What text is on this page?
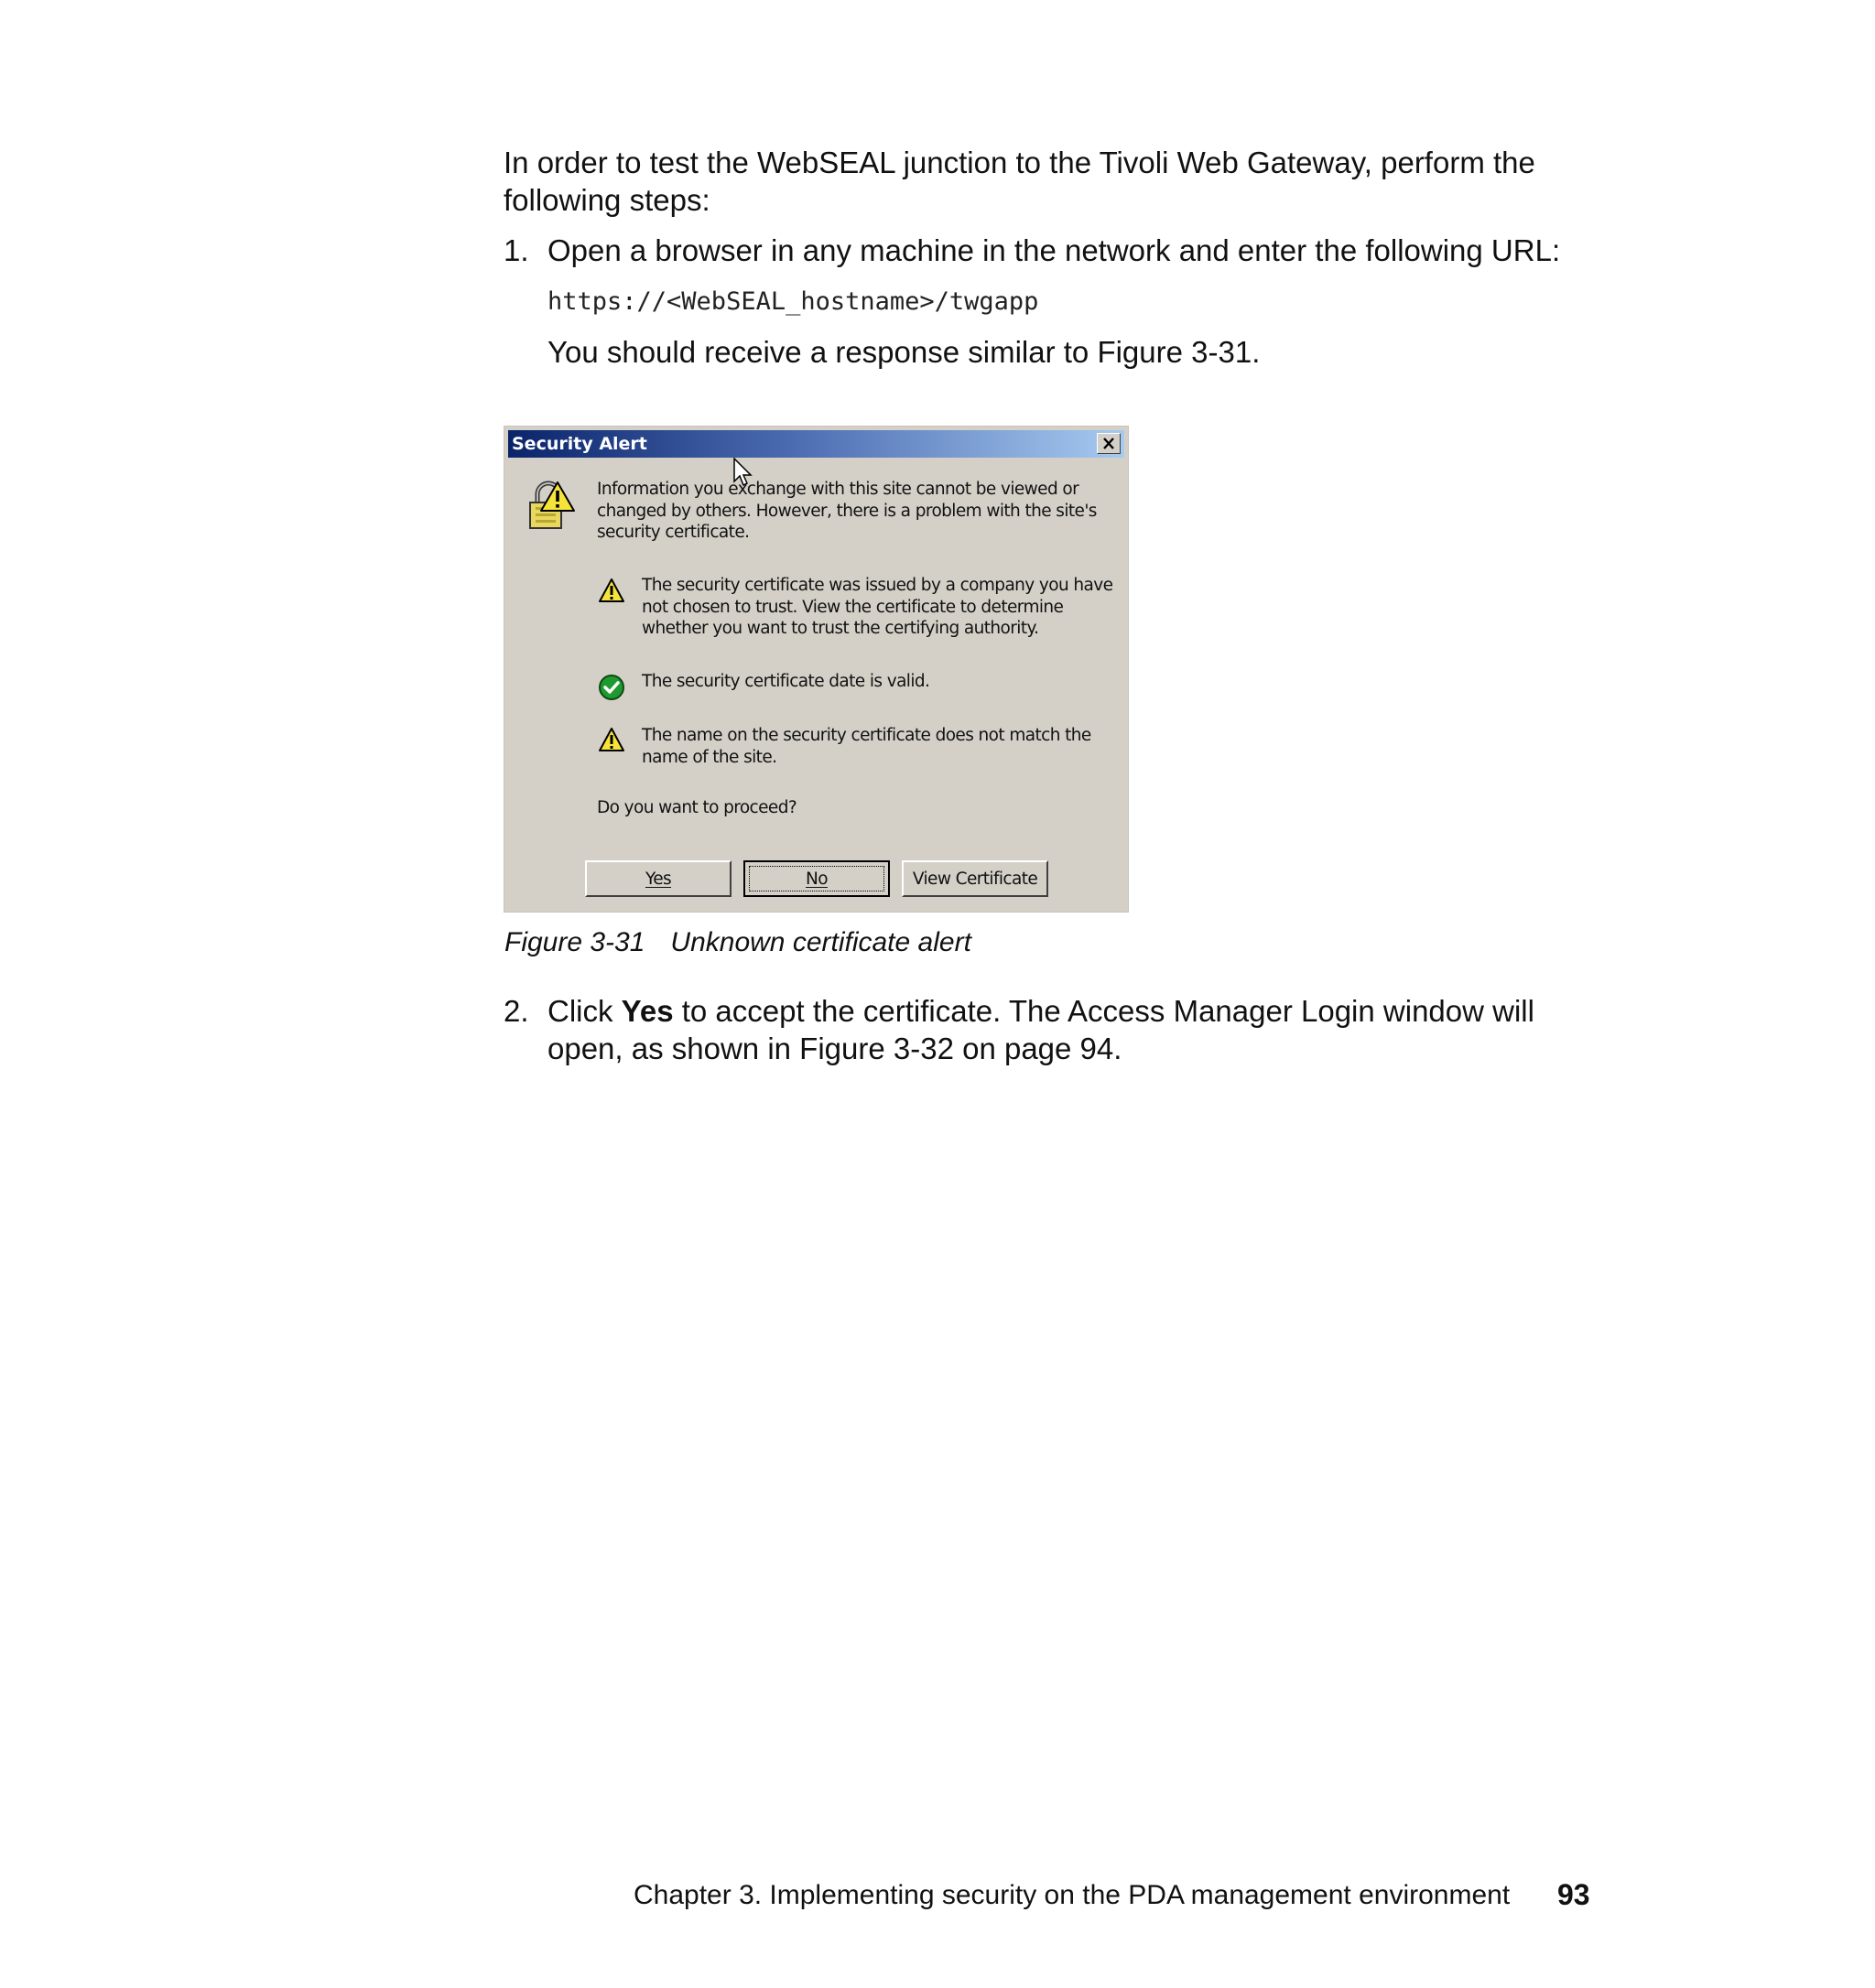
In order to test the WebSEAL junction to the Tivoli Web Gateway, perform the following steps:
1. Open a browser in any machine in the network and enter the following URL:
https://<WebSEAL_hostname>/twgapp
You should receive a response similar to Figure 3-31.
Security Alert
Information you exchange with this site cannot be viewed or changed by others. However, there is a problem with the site's security certificate.
The security certificate was issued by a company you have not chosen to trust. View the certificate to determine whether you want to trust the certifying authority.
The security certificate date is valid.
The name on the security certificate does not match the name of the site.
Do you want to proceed?
Yes	No	View Certificate
Figure 3-31 Unknown certificate alert
2. Click Yes to accept the certificate. The Access Manager Login window will open, as shown in Figure 3-32 on page 94.
Chapter 3. Implementing security on the PDA management environment 93
